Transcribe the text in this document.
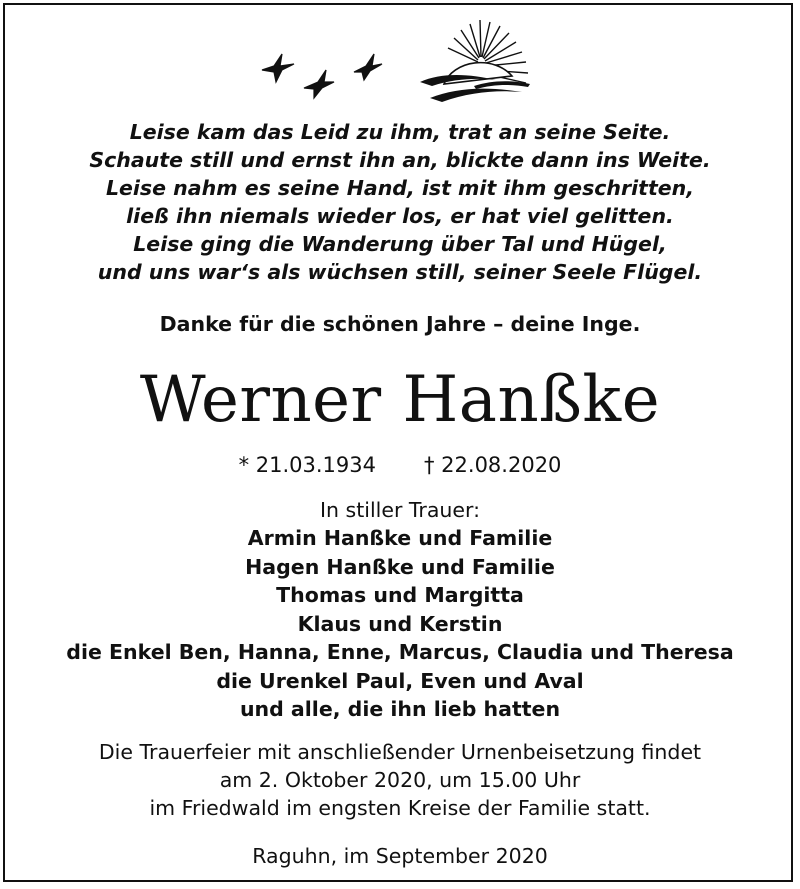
Leise kam das Leid zu ihm, trat an seine Seite.
Schaute still und ernst ihn an, blickte dann ins Weite.
Leise nahm es seine Hand, ist mit ihm geschritten,
ließ ihn niemals wieder los, er hat viel gelitten.
Leise ging die Wanderung über Tal und Hügel,
und uns war‘s als wüchsen still, seiner Seele Flügel.
Danke für die schönen Jahre – deine Inge.
Werner Hanßke
* 21.03.1934 † 22.08.2020
In stiller Trauer:
Armin Hanßke und Familie
Hagen Hanßke und Familie
Thomas und Margitta
Klaus und Kerstin
die Enkel Ben, Hanna, Enne, Marcus, Claudia und Theresa
die Urenkel Paul, Even und Aval
und alle, die ihn lieb hatten
Die Trauerfeier mit anschließender Urnenbeisetzung findet
am 2. Oktober 2020, um 15.00 Uhr
im Friedwald im engsten Kreise der Familie statt.
Raguhn, im September 2020
